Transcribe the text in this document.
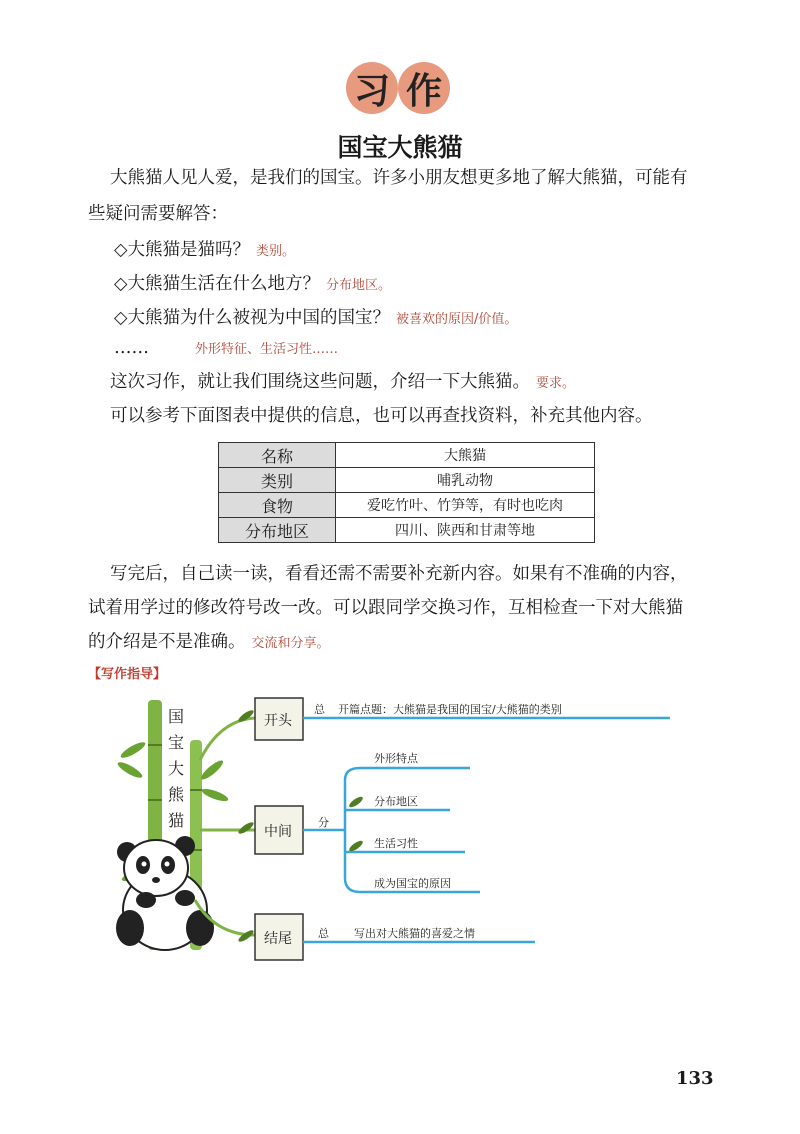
习 作
国宝大熊猫
大熊猫人见人爱，是我们的国宝。许多小朋友想更多地了解大熊猫，可能有
些疑问需要解答：
◇大熊猫是猫吗？ 类别。
◇大熊猫生活在什么地方？ 分布地区。
◇大熊猫为什么被视为中国的国宝？ 被喜欢的原因/价值。
……	外形特征、生活习性……
这次习作，就让我们围绕这些问题，介绍一下大熊猫。 要求。
可以参考下面图表中提供的信息，也可以再查找资料，补充其他内容。
名称	大熊猫
类别	哺乳动物
食物	爱吃竹叶、竹笋等，有时也吃肉
分布地区	四川、陕西和甘肃等地
写完后，自己读一读，看看还需不需要补充新内容。如果有不准确的内容，
试着用学过的修改符号改一改。可以跟同学交换习作，互相检查一下对大熊猫
的介绍是不是准确。 交流和分享。
【写作指导】
国
宝
大
熊
猫
开头
中间
结尾
总 开篇点题：大熊猫是我国的国宝/大熊猫的类别
分
外形特点
分布地区
生活习性
成为国宝的原因
总 写出对大熊猫的喜爱之情
133
